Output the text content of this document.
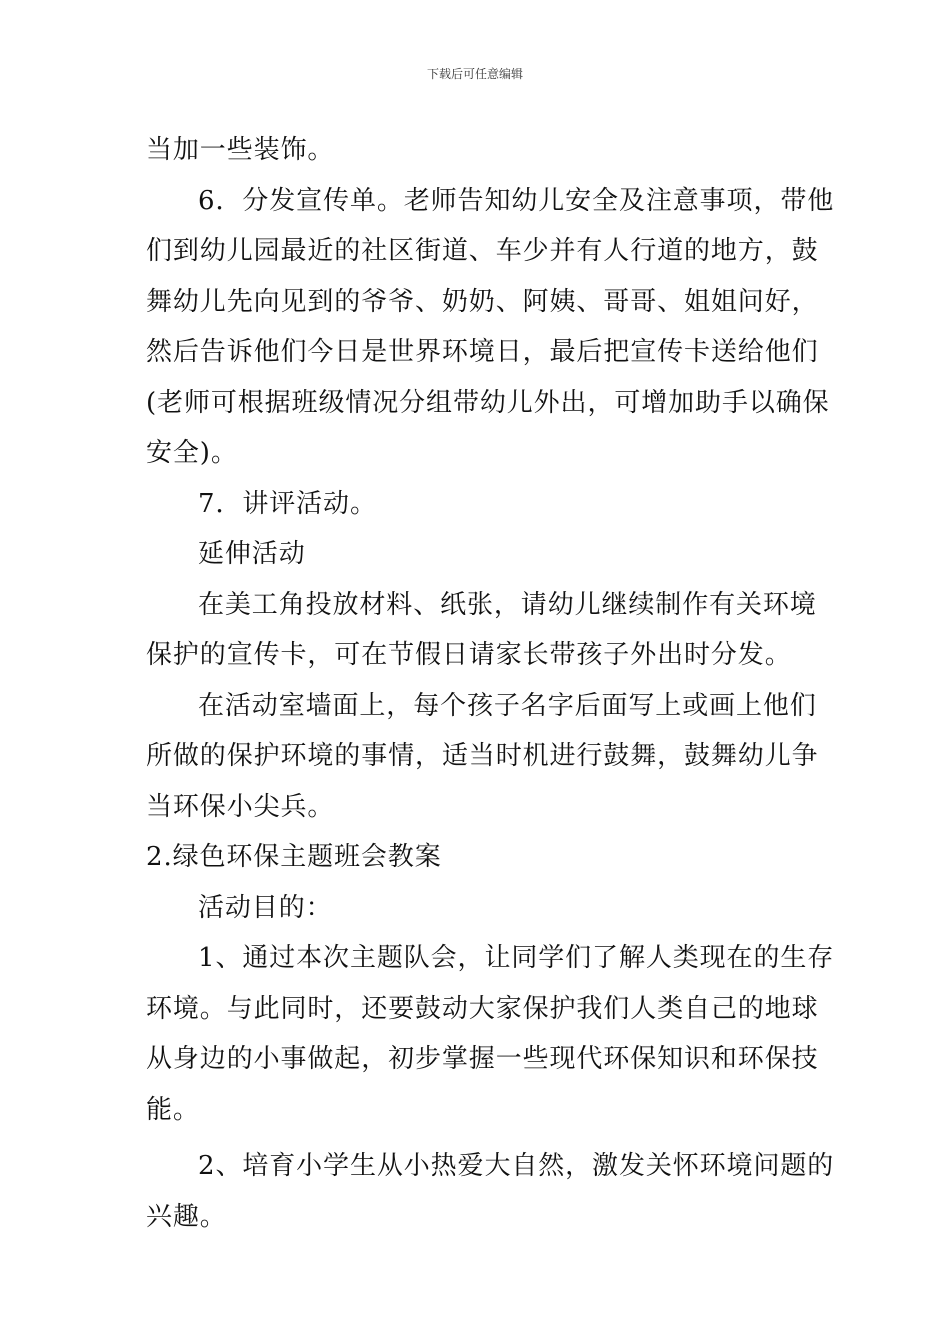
下载后可任意编辑
当加一些装饰。
6．分发宣传单。老师告知幼儿安全及注意事项，带他
们到幼儿园最近的社区街道、车少并有人行道的地方，鼓
舞幼儿先向见到的爷爷、奶奶、阿姨、哥哥、姐姐问好，
然后告诉他们今日是世界环境日，最后把宣传卡送给他们
(老师可根据班级情况分组带幼儿外出，可增加助手以确保
安全)。
7．讲评活动。
延伸活动
在美工角投放材料、纸张，请幼儿继续制作有关环境
保护的宣传卡，可在节假日请家长带孩子外出时分发。
在活动室墙面上，每个孩子名字后面写上或画上他们
所做的保护环境的事情，适当时机进行鼓舞，鼓舞幼儿争
当环保小尖兵。
2.绿色环保主题班会教案
活动目的：
1、通过本次主题队会，让同学们了解人类现在的生存
环境。与此同时，还要鼓动大家保护我们人类自己的地球
从身边的小事做起，初步掌握一些现代环保知识和环保技
能。
2、培育小学生从小热爱大自然，激发关怀环境问题的
兴趣。
